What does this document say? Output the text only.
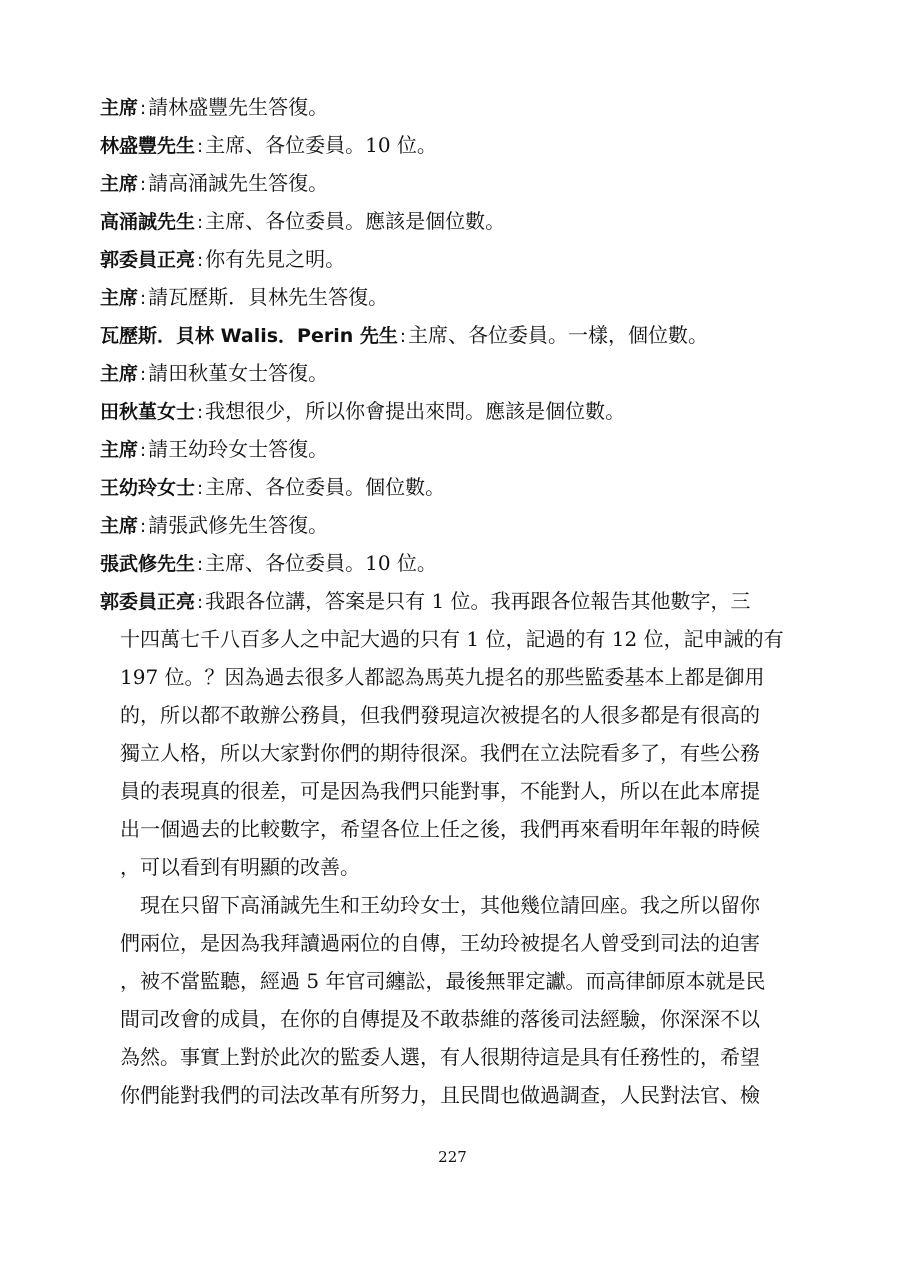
主席 : 請林盛豐先生答復。
林盛豐先生 : 主席、各位委員。10 位。
主席 : 請高涌誠先生答復。
高涌誠先生 : 主席、各位委員。應該是個位數。
郭委員正亮 : 你有先見之明。
主席 : 請瓦歷斯．貝林先生答復。
瓦歷斯．貝林 Walis．Perin 先生 : 主席、各位委員。一樣，個位數。
主席 : 請田秋堇女士答復。
田秋堇女士 : 我想很少，所以你會提出來問。應該是個位數。
主席 : 請王幼玲女士答復。
王幼玲女士 : 主席、各位委員。個位數。
主席 : 請張武修先生答復。
張武修先生 : 主席、各位委員。10 位。
郭委員正亮 : 我跟各位講，答案是只有 1 位。我再跟各位報告其他數字，三
十四萬七千八百多人之中記大過的只有 1 位，記過的有 12 位，記申誡的有
197 位。？因為過去很多人都認為馬英九提名的那些監委基本上都是御用
的，所以都不敢辦公務員，但我們發現這次被提名的人很多都是有很高的
獨立人格，所以大家對你們的期待很深。我們在立法院看多了，有些公務
員的表現真的很差，可是因為我們只能對事，不能對人，所以在此本席提
出一個過去的比較數字，希望各位上任之後，我們再來看明年年報的時候
，可以看到有明顯的改善。
現在只留下高涌誠先生和王幼玲女士，其他幾位請回座。我之所以留你
們兩位，是因為我拜讀過兩位的自傳，王幼玲被提名人曾受到司法的迫害
，被不當監聽，經過 5 年官司纏訟，最後無罪定讞。而高律師原本就是民
間司改會的成員，在你的自傳提及不敢恭維的落後司法經驗，你深深不以
為然。事實上對於此次的監委人選，有人很期待這是具有任務性的，希望
你們能對我們的司法改革有所努力，且民間也做過調查，人民對法官、檢
227
